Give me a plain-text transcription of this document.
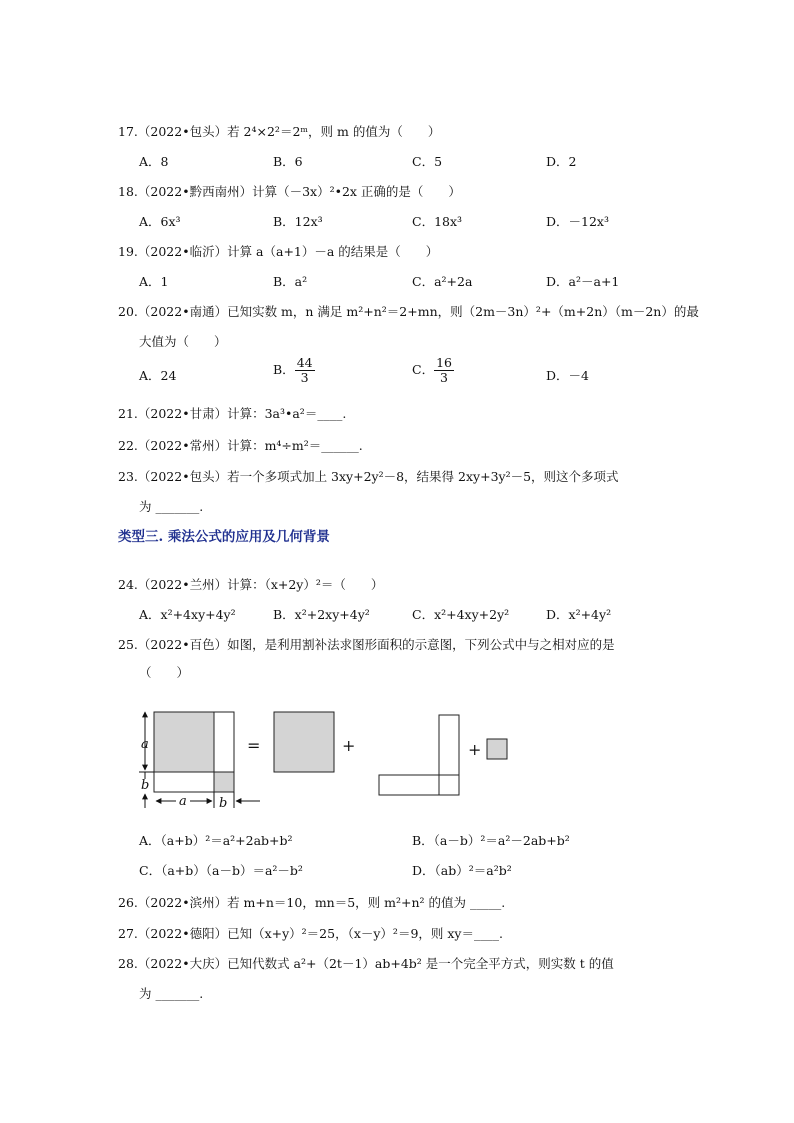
17.（2022•包头）若 2⁴×2²＝2ᵐ，则 m 的值为（　　）
A．8	B．6	C．5	D．2
18.（2022•黔西南州）计算（－3x）²•2x 正确的是（　　）
A．6x³	B．12x³	C．18x³	D．－12x³
19.（2022•临沂）计算 a（a+1）－a 的结果是（　　）
A．1	B．a²	C．a²+2a	D．a²－a+1
20.（2022•南通）已知实数 m，n 满足 m²+n²＝2+mn，则（2m－3n）²+（m+2n）（m－2n）的最
大值为（　　）
A．24	B． $\frac{44}{3}$	C． $\frac{16}{3}$	D．－4
21.（2022•甘肃）计算：3a³•a²＝____.
22.（2022•常州）计算：m⁴÷m²＝______.
23.（2022•包头）若一个多项式加上 3xy+2y²－8，结果得 2xy+3y²－5，则这个多项式
为 _______.
类型三. 乘法公式的应用及几何背景
24.（2022•兰州）计算：（x+2y）²＝（　　）
A．x²+4xy+4y²	B．x²+2xy+4y²	C．x²+4xy+2y²	D．x²+4y²
25.（2022•百色）如图，是利用割补法求图形面积的示意图，下列公式中与之相对应的是
（　　）
a
b
a b
=	+	+
A．（a+b）²＝a²+2ab+b²	B．（a－b）²＝a²－2ab+b²
C．（a+b）（a－b）＝a²－b²	D．（ab）²＝a²b²
26.（2022•滨州）若 m+n＝10，mn＝5，则 m²+n² 的值为 _____.
27.（2022•德阳）已知（x+y）²＝25，（x－y）²＝9，则 xy＝____.
28.（2022•大庆）已知代数式 a²+（2t－1）ab+4b² 是一个完全平方式，则实数 t 的值
为 _______.
